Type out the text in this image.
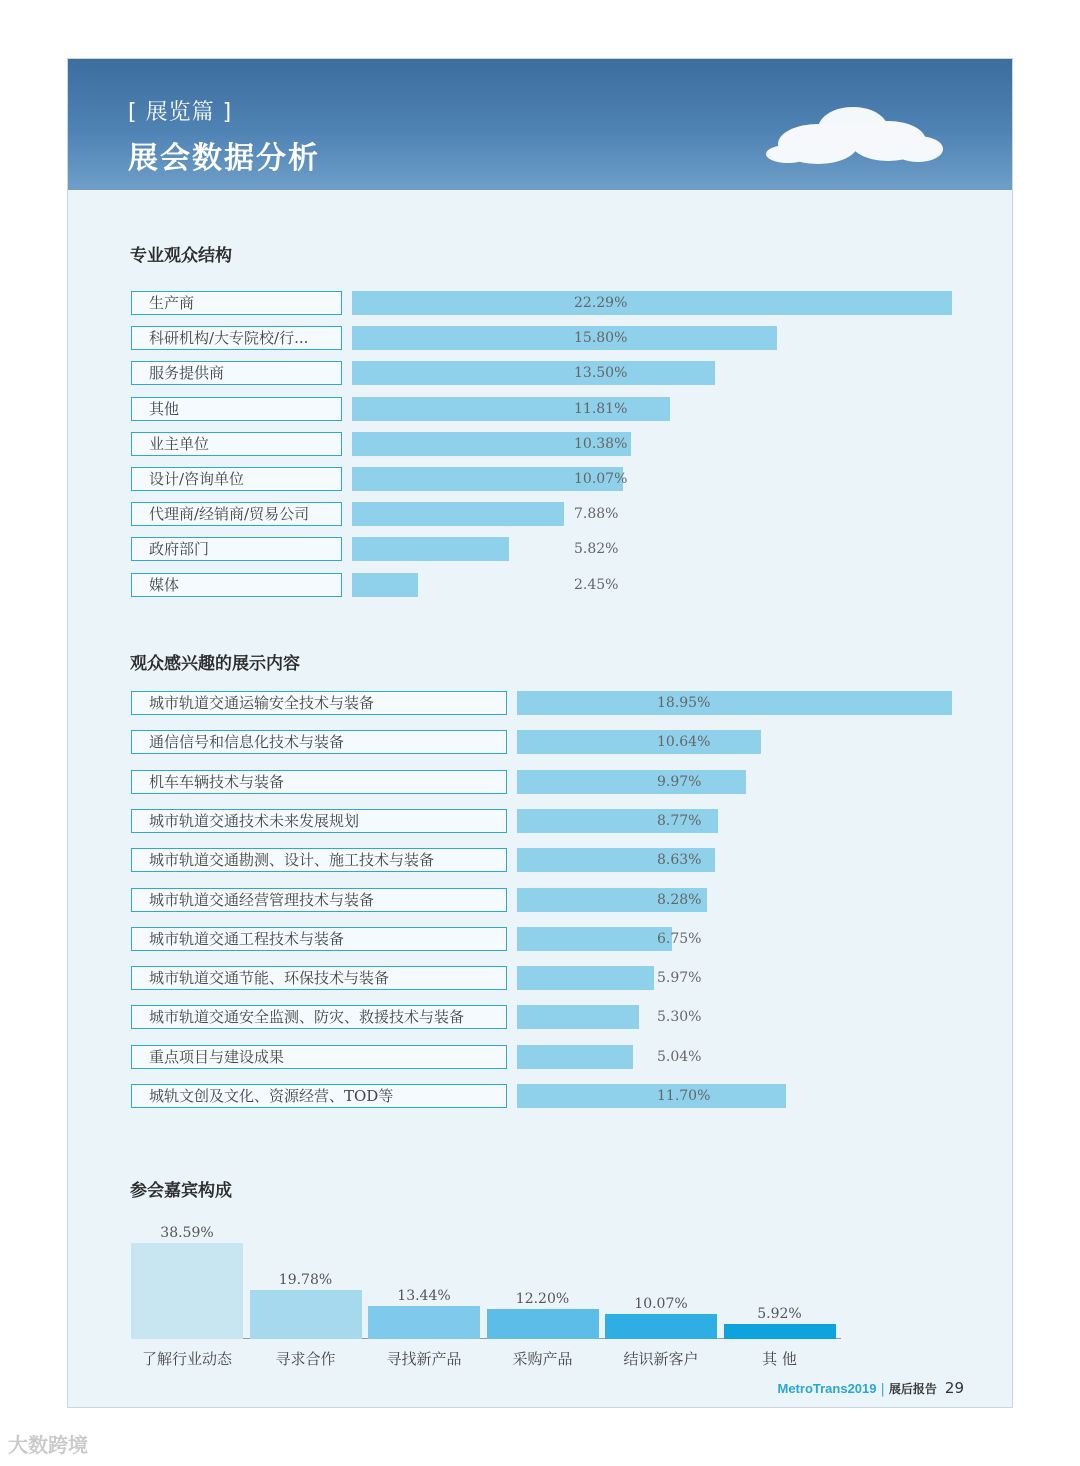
[ 展览篇 ]
展会数据分析
专业观众结构
生产商	22.29%
科研机构/大专院校/行...	15.80%
服务提供商	13.50%
其他	11.81%
业主单位	10.38%
设计/咨询单位	10.07%
代理商/经销商/贸易公司	7.88%
政府部门	5.82%
媒体	2.45%
观众感兴趣的展示内容
城市轨道交通运输安全技术与装备	18.95%
通信信号和信息化技术与装备	10.64%
机车车辆技术与装备	9.97%
城市轨道交通技术未来发展规划	8.77%
城市轨道交通勘测、设计、施工技术与装备	8.63%
城市轨道交通经营管理技术与装备	8.28%
城市轨道交通工程技术与装备	6.75%
城市轨道交通节能、环保技术与装备	5.97%
城市轨道交通安全监测、防灾、救援技术与装备	5.30%
重点项目与建设成果	5.04%
城轨文创及文化、资源经营、TOD等	11.70%
参会嘉宾构成
38.59%
了解行业动态
19.78%
寻求合作
13.44%
寻找新产品
12.20%
采购产品
10.07%
结识新客户
5.92%
其 他
MetroTrans2019 | 展后报告 29
大数跨境
